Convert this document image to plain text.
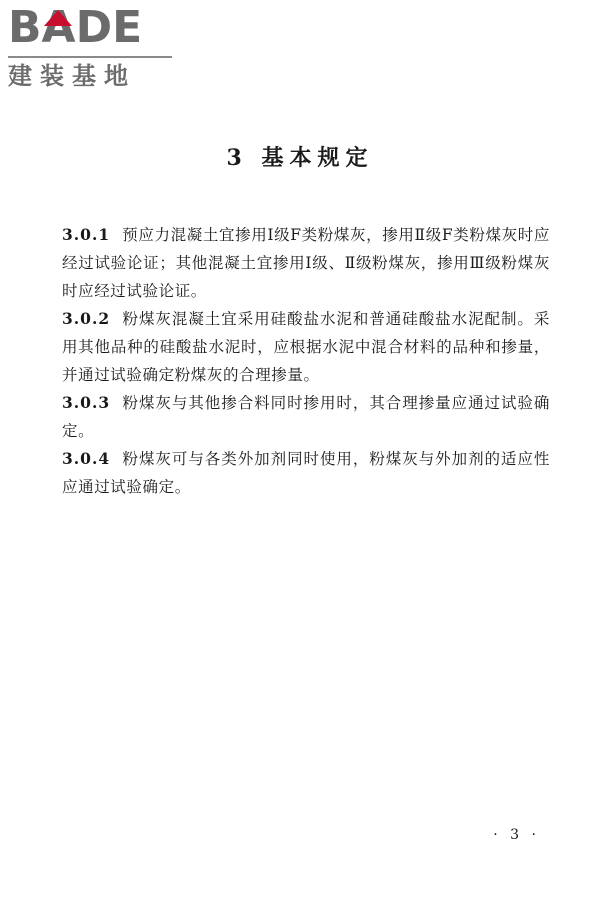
BADE
建装基地
3 基本规定

3.0.1 预应力混凝土宜掺用Ⅰ级F类粉煤灰，掺用Ⅱ级F类粉煤灰时应经过试验论证；其他混凝土宜掺用Ⅰ级、Ⅱ级粉煤灰，掺用Ⅲ级粉煤灰时应经过试验论证。

3.0.2 粉煤灰混凝土宜采用硅酸盐水泥和普通硅酸盐水泥配制。采用其他品种的硅酸盐水泥时，应根据水泥中混合材料的品种和掺量，并通过试验确定粉煤灰的合理掺量。

3.0.3 粉煤灰与其他掺合料同时掺用时，其合理掺量应通过试验确定。

3.0.4 粉煤灰可与各类外加剂同时使用，粉煤灰与外加剂的适应性应通过试验确定。

· 3 ·
